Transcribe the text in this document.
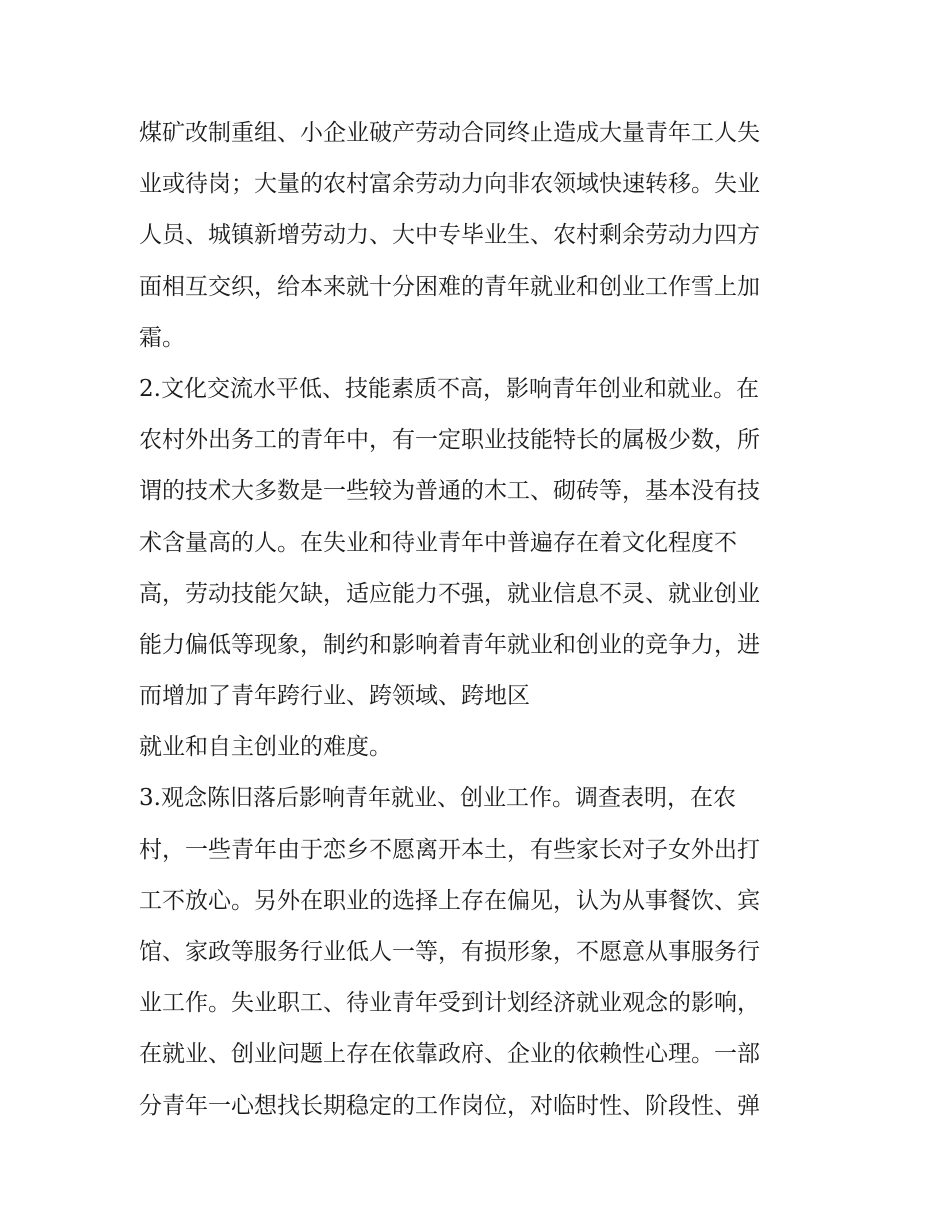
煤矿改制重组、小企业破产劳动合同终止造成大量青年工人失
业或待岗；大量的农村富余劳动力向非农领域快速转移。失业
人员、城镇新增劳动力、大中专毕业生、农村剩余劳动力四方
面相互交织，给本来就十分困难的青年就业和创业工作雪上加
霜。
2.文化交流水平低、技能素质不高，影响青年创业和就业。在
农村外出务工的青年中，有一定职业技能特长的属极少数，所
谓的技术大多数是一些较为普通的木工、砌砖等，基本没有技
术含量高的人。在失业和待业青年中普遍存在着文化程度不
高，劳动技能欠缺，适应能力不强，就业信息不灵、就业创业
能力偏低等现象，制约和影响着青年就业和创业的竞争力，进
而增加了青年跨行业、跨领域、跨地区
就业和自主创业的难度。
3.观念陈旧落后影响青年就业、创业工作。调查表明，在农
村，一些青年由于恋乡不愿离开本土，有些家长对子女外出打
工不放心。另外在职业的选择上存在偏见，认为从事餐饮、宾
馆、家政等服务行业低人一等，有损形象，不愿意从事服务行
业工作。失业职工、待业青年受到计划经济就业观念的影响，
在就业、创业问题上存在依靠政府、企业的依赖性心理。一部
分青年一心想找长期稳定的工作岗位，对临时性、阶段性、弹
